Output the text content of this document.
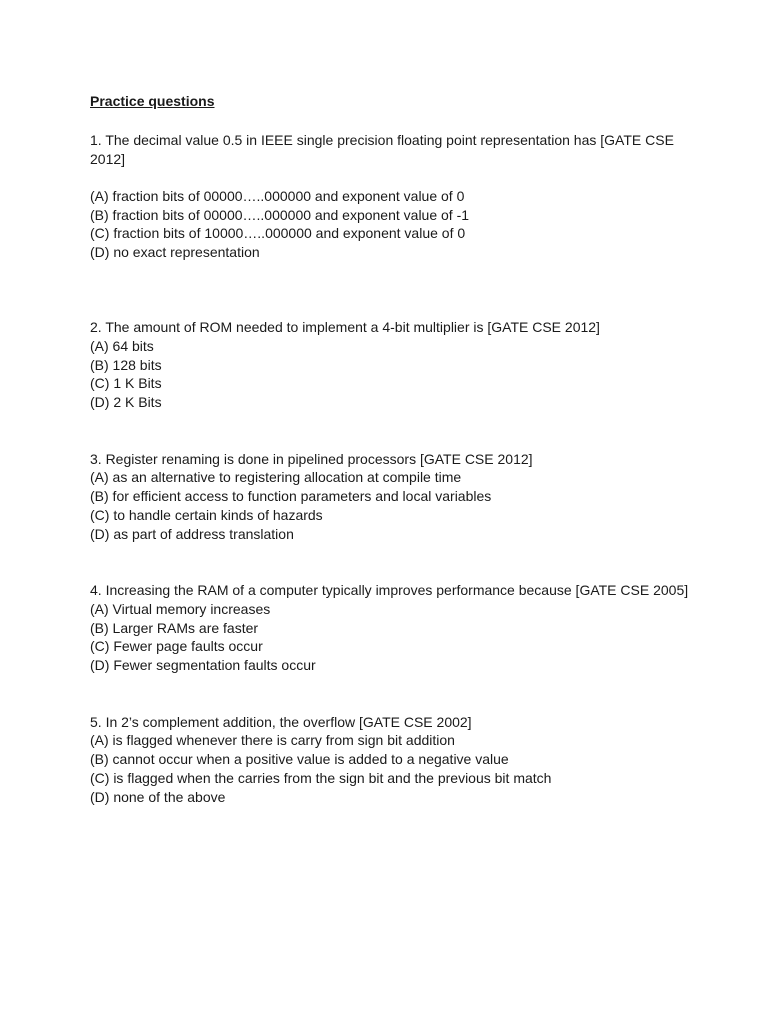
Practice questions
1. The decimal value 0.5 in IEEE single precision floating point representation has [GATE CSE 2012]
(A) fraction bits of 00000…..000000 and exponent value of 0
(B) fraction bits of 00000…..000000 and exponent value of -1
(C) fraction bits of 10000…..000000 and exponent value of 0
(D) no exact representation
2. The amount of ROM needed to implement a 4-bit multiplier is [GATE CSE 2012]
(A) 64 bits
(B) 128 bits
(C) 1 K Bits
(D) 2 K Bits
3. Register renaming is done in pipelined processors [GATE CSE 2012]
(A) as an alternative to registering allocation at compile time
(B) for efficient access to function parameters and local variables
(C) to handle certain kinds of hazards
(D) as part of address translation
4. Increasing the RAM of a computer typically improves performance because [GATE CSE 2005]
(A) Virtual memory increases
(B) Larger RAMs are faster
(C) Fewer page faults occur
(D) Fewer segmentation faults occur
5. In 2’s complement addition, the overflow [GATE CSE 2002]
(A) is flagged whenever there is carry from sign bit addition
(B) cannot occur when a positive value is added to a negative value
(C) is flagged when the carries from the sign bit and the previous bit match
(D) none of the above
